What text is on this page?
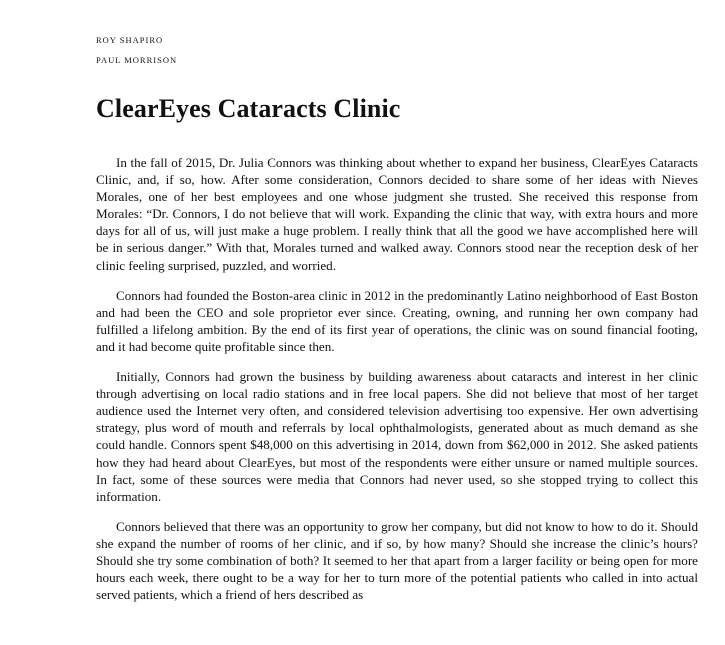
ROY SHAPIRO
PAUL MORRISON
ClearEyes Cataracts Clinic

In the fall of 2015, Dr. Julia Connors was thinking about whether to expand her business, ClearEyes Cataracts Clinic, and, if so, how. After some consideration, Connors decided to share some of her ideas with Nieves Morales, one of her best employees and one whose judgment she trusted. She received this response from Morales: “Dr. Connors, I do not believe that will work. Expanding the clinic that way, with extra hours and more days for all of us, will just make a huge problem. I really think that all the good we have accomplished here will be in serious danger.” With that, Morales turned and walked away. Connors stood near the reception desk of her clinic feeling surprised, puzzled, and worried.

Connors had founded the Boston-area clinic in 2012 in the predominantly Latino neighborhood of East Boston and had been the CEO and sole proprietor ever since. Creating, owning, and running her own company had fulfilled a lifelong ambition. By the end of its first year of operations, the clinic was on sound financial footing, and it had become quite profitable since then.

Initially, Connors had grown the business by building awareness about cataracts and interest in her clinic through advertising on local radio stations and in free local papers. She did not believe that most of her target audience used the Internet very often, and considered television advertising too expensive. Her own advertising strategy, plus word of mouth and referrals by local ophthalmologists, generated about as much demand as she could handle. Connors spent $48,000 on this advertising in 2014, down from $62,000 in 2012. She asked patients how they had heard about ClearEyes, but most of the respondents were either unsure or named multiple sources. In fact, some of these sources were media that Connors had never used, so she stopped trying to collect this information.

Connors believed that there was an opportunity to grow her company, but did not know to how to do it. Should she expand the number of rooms of her clinic, and if so, by how many? Should she increase the clinic’s hours? Should she try some combination of both? It seemed to her that apart from a larger facility or being open for more hours each week, there ought to be a way for her to turn more of the potential patients who called in into actual served patients, which a friend of hers described as
